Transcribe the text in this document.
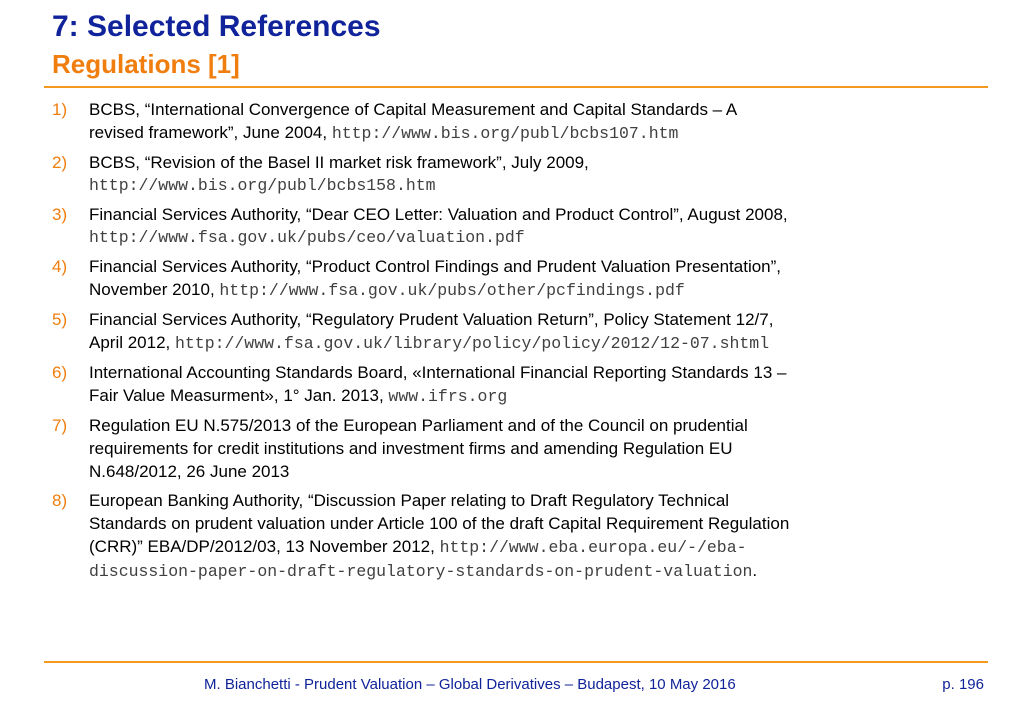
7: Selected References
Regulations [1]
1) BCBS, “International Convergence of Capital Measurement and Capital Standards – A
revised framework”, June 2004, http://www.bis.org/publ/bcbs107.htm
2) BCBS, “Revision of the Basel II market risk framework”, July 2009,
http://www.bis.org/publ/bcbs158.htm
3) Financial Services Authority, “Dear CEO Letter: Valuation and Product Control”, August 2008,
http://www.fsa.gov.uk/pubs/ceo/valuation.pdf
4) Financial Services Authority, “Product Control Findings and Prudent Valuation Presentation”,
November 2010, http://www.fsa.gov.uk/pubs/other/pcfindings.pdf
5) Financial Services Authority, “Regulatory Prudent Valuation Return”, Policy Statement 12/7,
April 2012, http://www.fsa.gov.uk/library/policy/policy/2012/12-07.shtml
6) International Accounting Standards Board, «International Financial Reporting Standards 13 –
Fair Value Measurment», 1° Jan. 2013, www.ifrs.org
7) Regulation EU N.575/2013 of the European Parliament and of the Council on prudential
requirements for credit institutions and investment firms and amending Regulation EU
N.648/2012, 26 June 2013
8) European Banking Authority, “Discussion Paper relating to Draft Regulatory Technical
Standards on prudent valuation under Article 100 of the draft Capital Requirement Regulation
(CRR)” EBA/DP/2012/03, 13 November 2012, http://www.eba.europa.eu/-/eba-
discussion-paper-on-draft-regulatory-standards-on-prudent-valuation.
M. Bianchetti - Prudent Valuation – Global Derivatives – Budapest, 10 May 2016	p. 196
